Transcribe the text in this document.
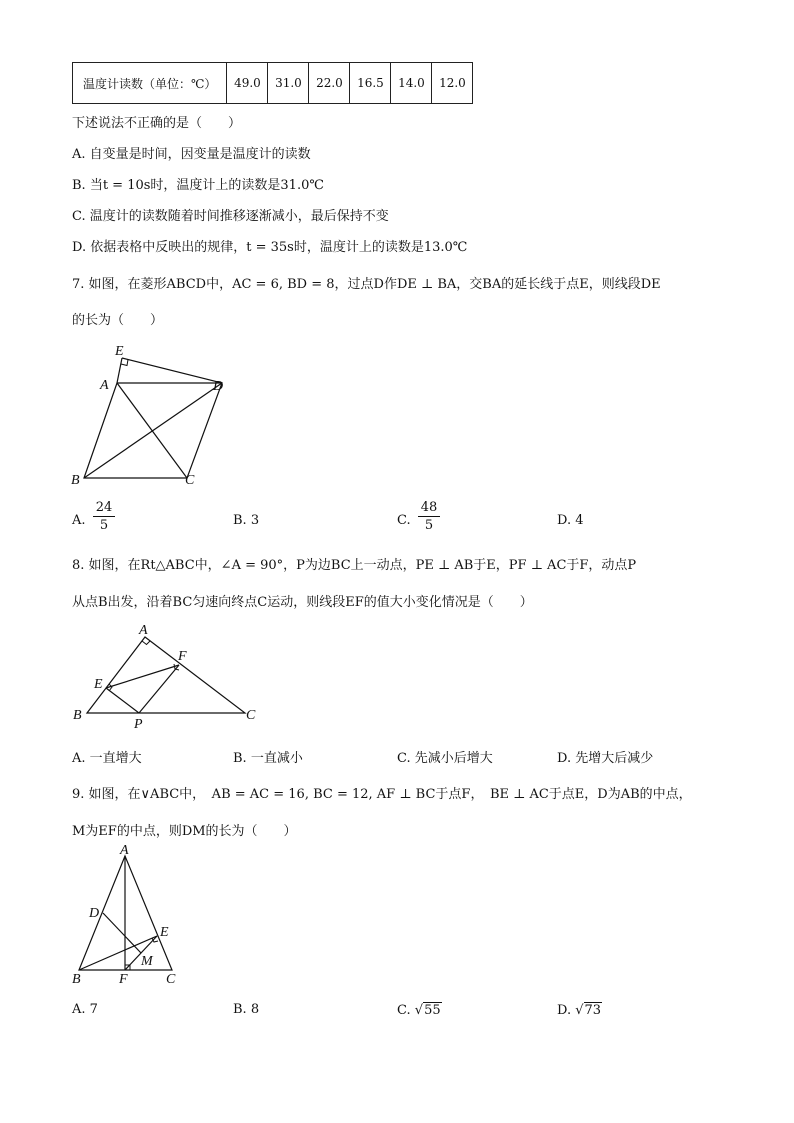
温度计读数（单位：℃）	49.0	31.0	22.0	16.5	14.0	12.0
下述说法不正确的是（　　）
A. 自变量是时间，因变量是温度计的读数
B. 当t = 10s时，温度计上的读数是31.0℃
C. 温度计的读数随着时间推移逐渐减小，最后保持不变
D. 依据表格中反映出的规律，t = 35s时，温度计上的读数是13.0℃
7. 如图，在菱形ABCD中，AC = 6, BD = 8，过点D作DE ⊥ BA，交BA的延长线于点E，则线段DE
的长为（　　）
E
A	D
B	C
A.
24
5	B. 3	C.
48
5	D. 4
8. 如图，在Rt△ABC中，∠A = 90°，P为边BC上一动点，PE ⊥ AB于E，PF ⊥ AC于F，动点P
从点B出发，沿着BC匀速向终点C运动，则线段EF的值大小变化情况是（　　）
A
F
E
B
P
C
A. 一直增大	B. 一直减小	C. 先减小后增大	D. 先增大后减少
9. 如图，在∨ABC中，　AB = AC = 16, BC = 12, AF ⊥ BC于点F，　BE ⊥ AC于点E，D为AB的中点，
M为EF的中点，则DM的长为（　　）
A
D
E
M
B	F	C
A. 7	B. 8	C. √55	D. √73
